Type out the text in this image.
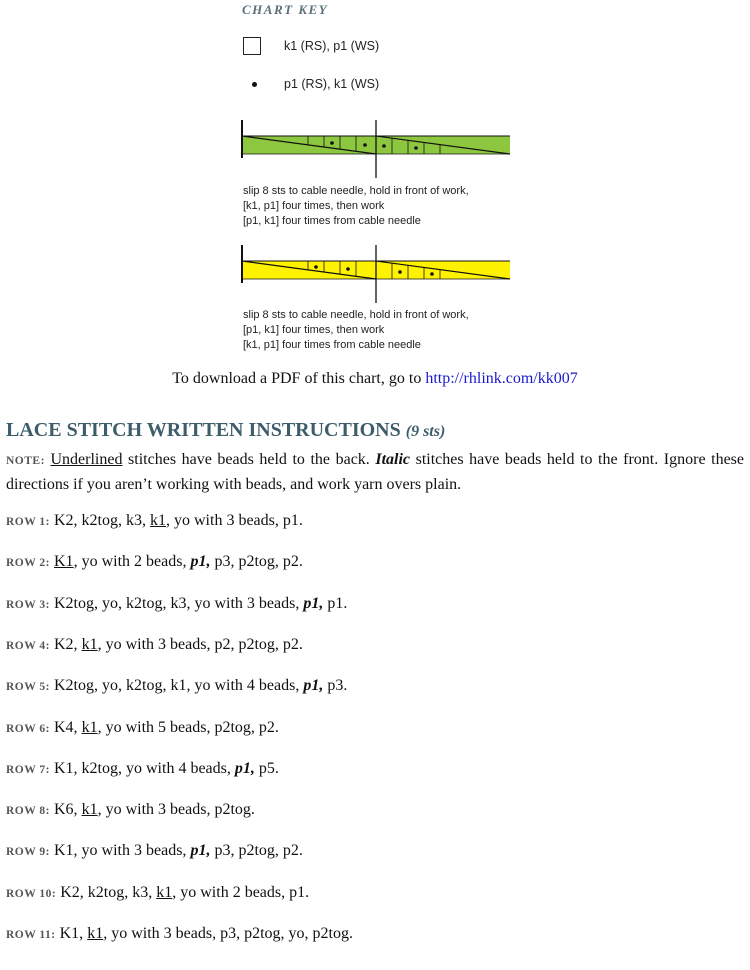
CHART KEY
k1 (RS), p1 (WS)
p1 (RS), k1 (WS)
slip 8 sts to cable needle, hold in front of work,
[k1, p1] four times, then work
[p1, k1] four times from cable needle
slip 8 sts to cable needle, hold in front of work,
[p1, k1] four times, then work
[k1, p1] four times from cable needle
To download a PDF of this chart, go to http://rhlink.com/kk007
LACE STITCH WRITTEN INSTRUCTIONS (9 sts)
NOTE: Underlined stitches have beads held to the back. Italic stitches have beads held to the front. Ignore these directions if you aren’t working with beads, and work yarn overs plain.
ROW 1: K2, k2tog, k3, k1, yo with 3 beads, p1.
ROW 2: K1, yo with 2 beads, p1, p3, p2tog, p2.
ROW 3: K2tog, yo, k2tog, k3, yo with 3 beads, p1, p1.
ROW 4: K2, k1, yo with 3 beads, p2, p2tog, p2.
ROW 5: K2tog, yo, k2tog, k1, yo with 4 beads, p1, p3.
ROW 6: K4, k1, yo with 5 beads, p2tog, p2.
ROW 7: K1, k2tog, yo with 4 beads, p1, p5.
ROW 8: K6, k1, yo with 3 beads, p2tog.
ROW 9: K1, yo with 3 beads, p1, p3, p2tog, p2.
ROW 10: K2, k2tog, k3, k1, yo with 2 beads, p1.
ROW 11: K1, k1, yo with 3 beads, p3, p2tog, yo, p2tog.
